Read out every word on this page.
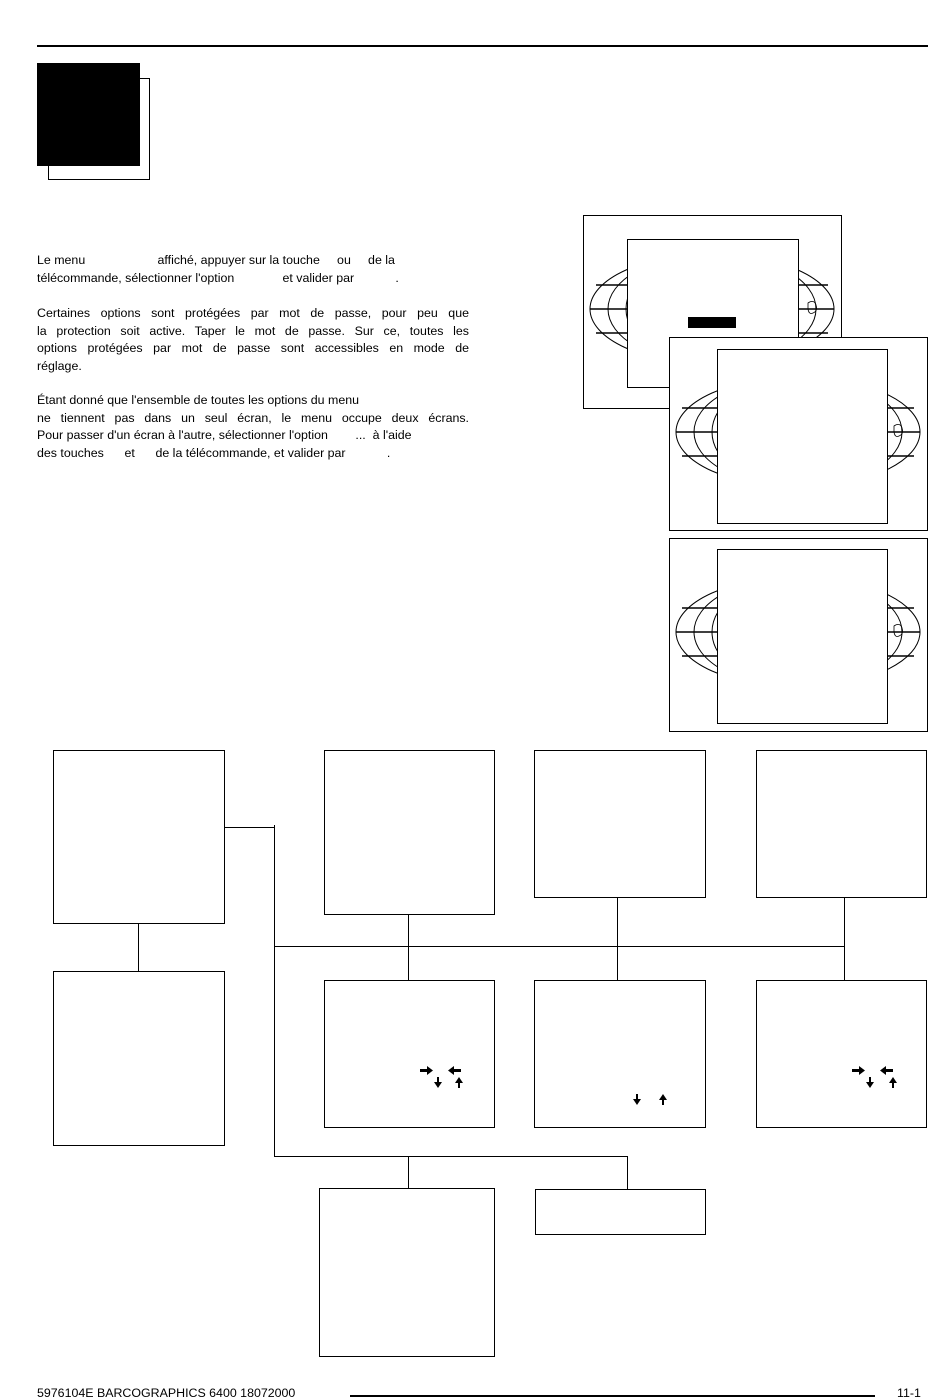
Le menu                     affiché, appuyer sur la touche     ou     de la
télécommande, sélectionner l'option              et valider par            .
Certaines options sont protégées par mot de passe, pour peu que
la protection soit active. Taper le mot de passe. Sur ce, toutes les
options protégées par mot de passe sont accessibles en mode de
réglage.
Étant donné que l'ensemble de toutes les options du menu
ne tiennent pas dans un seul écran, le menu occupe deux écrans.
Pour passer d'un écran à l'autre, sélectionner l'option        ...  à l'aide
des touches      et      de la télécommande, et valider par            .
5976104E BARCOGRAPHICS 6400 18072000	11-1
